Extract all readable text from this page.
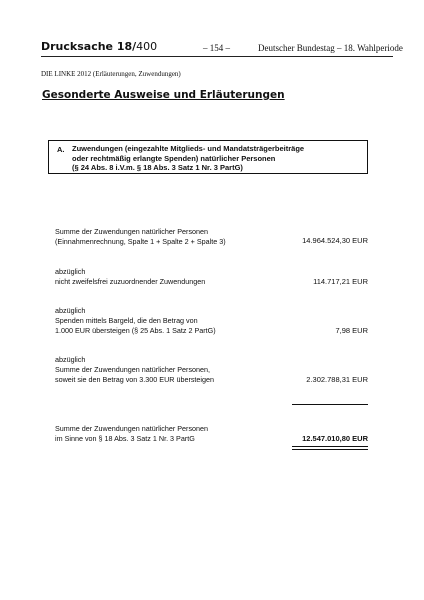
Drucksache 18/400	– 154 –	Deutscher Bundestag – 18. Wahlperiode
DIE LINKE 2012 (Erläuterungen, Zuwendungen)
Gesonderte Ausweise und Erläuterungen
A. Zuwendungen (eingezahlte Mitglieds- und Mandatsträgerbeiträge
oder rechtmäßig erlangte Spenden) natürlicher Personen
(§ 24 Abs. 8 i.V.m. § 18 Abs. 3 Satz 1 Nr. 3 PartG)
Summe der Zuwendungen natürlicher Personen
(Einnahmenrechnung, Spalte 1 + Spalte 2 + Spalte 3)	14.964.524,30 EUR
abzüglich
nicht zweifelsfrei zuzuordnender Zuwendungen	114.717,21 EUR
abzüglich
Spenden mittels Bargeld, die den Betrag von
1.000 EUR übersteigen (§ 25 Abs. 1 Satz 2 PartG)	7,98 EUR
abzüglich
Summe der Zuwendungen natürlicher Personen,
soweit sie den Betrag von 3.300 EUR übersteigen	2.302.788,31 EUR
Summe der Zuwendungen natürlicher Personen
im Sinne von § 18 Abs. 3 Satz 1 Nr. 3 PartG	12.547.010,80 EUR
